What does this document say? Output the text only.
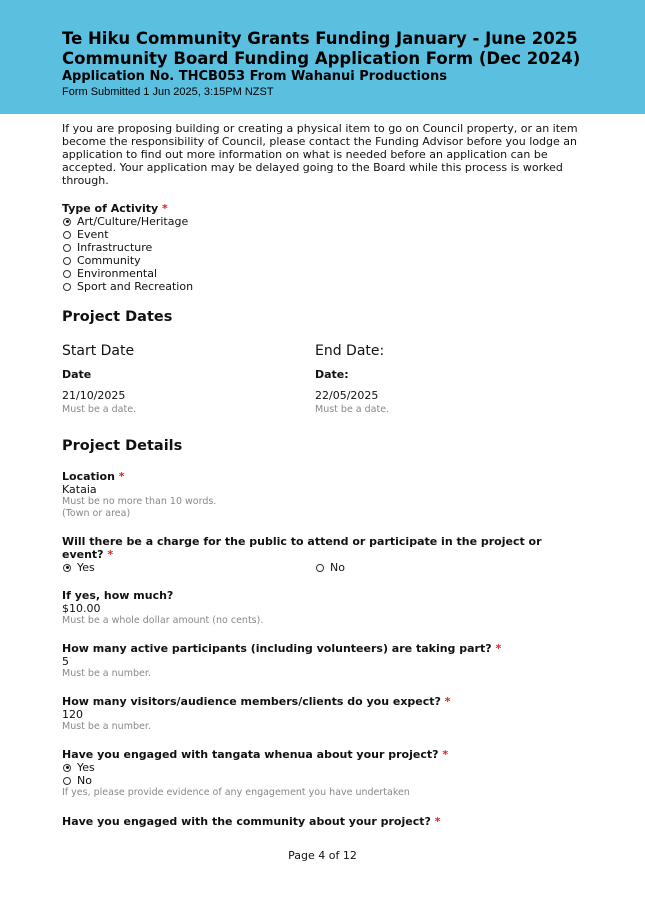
Te Hiku Community Grants Funding January - June 2025
Community Board Funding Application Form (Dec 2024)
Application No. THCB053 From Wahanui Productions
Form Submitted 1 Jun 2025, 3:15PM NZST
If you are proposing building or creating a physical item to go on Council property, or an item become the responsibility of Council, please contact the Funding Advisor before you lodge an application to find out more information on what is needed before an application can be accepted. Your application may be delayed going to the Board while this process is worked through.
Type of Activity *
Art/Culture/Heritage
Event
Infrastructure
Community
Environmental
Sport and Recreation
Project Dates
Start Date	End Date:
Date	Date:
21/10/2025	22/05/2025
Must be a date.	Must be a date.
Project Details
Location *
Kataia
Must be no more than 10 words.
(Town or area)
Will there be a charge for the public to attend or participate in the project or
event? *
Yes	No
If yes, how much?
$10.00
Must be a whole dollar amount (no cents).
How many active participants (including volunteers) are taking part? *
5
Must be a number.
How many visitors/audience members/clients do you expect? *
120
Must be a number.
Have you engaged with tangata whenua about your project? *
Yes
No
If yes, please provide evidence of any engagement you have undertaken
Have you engaged with the community about your project? *
Page 4 of 12
